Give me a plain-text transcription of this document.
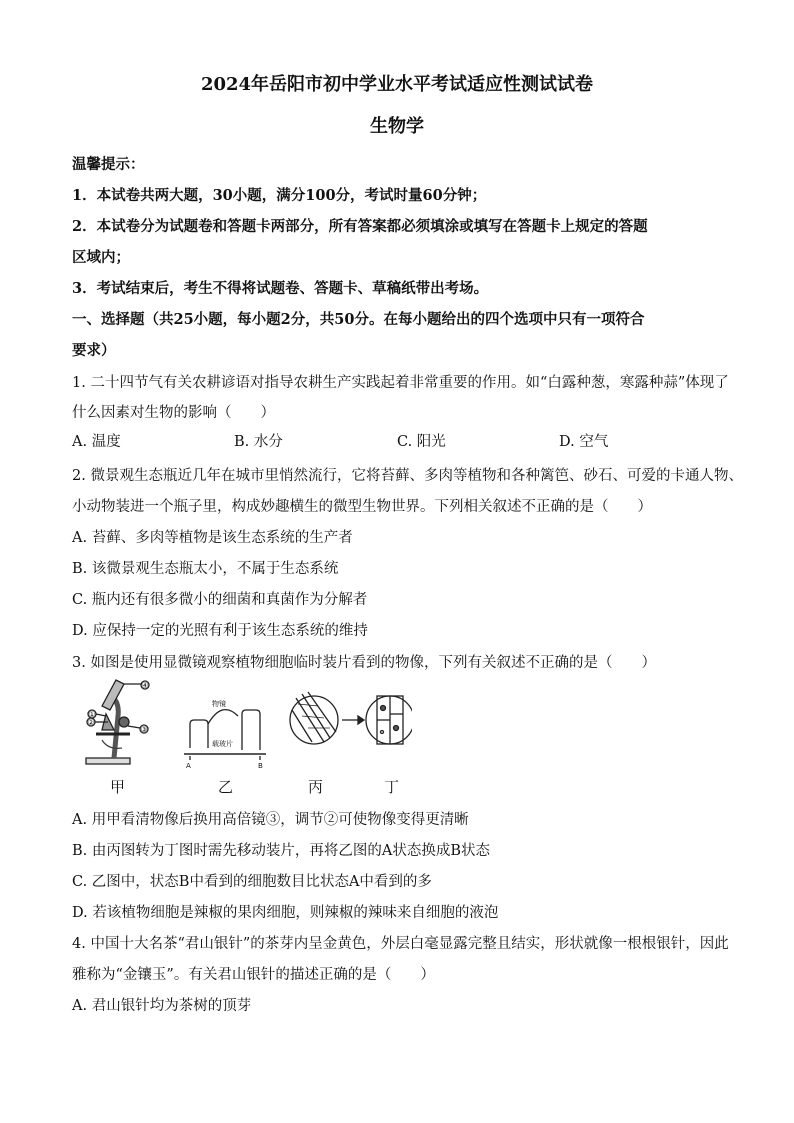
2024年岳阳市初中学业水平考试适应性测试试卷
生物学
温馨提示：
1．本试卷共两大题，30小题，满分100分，考试时量60分钟；
2．本试卷分为试题卷和答题卡两部分，所有答案都必须填涂或填写在答题卡上规定的答题
区域内；
3．考试结束后，考生不得将试题卷、答题卡、草稿纸带出考场。
一、选择题（共25小题，每小题2分，共50分。在每小题给出的四个选项中只有一项符合
要求）
1. 二十四节气有关农耕谚语对指导农耕生产实践起着非常重要的作用。如“白露种葱，寒露种蒜”体现了
什么因素对生物的影响（　　）
A. 温度	B. 水分	C. 阳光	D. 空气
2. 微景观生态瓶近几年在城市里悄然流行，它将苔藓、多肉等植物和各种篱笆、砂石、可爱的卡通人物、
小动物装进一个瓶子里，构成妙趣横生的微型生物世界。下列相关叙述不正确的是（　　）
A. 苔藓、多肉等植物是该生态系统的生产者
B. 该微景观生态瓶太小，不属于生态系统
C. 瓶内还有很多微小的细菌和真菌作为分解者
D. 应保持一定的光照有利于该生态系统的维持
3. 如图是使用显微镜观察植物细胞临时装片看到的物像，下列有关叙述不正确的是（　　）
④
①
②
③
物镜
载玻片
A	B
甲	乙	丙	丁
A. 用甲看清物像后换用高倍镜③，调节②可使物像变得更清晰
B. 由丙图转为丁图时需先移动装片，再将乙图的A状态换成B状态
C. 乙图中，状态B中看到的细胞数目比状态A中看到的多
D. 若该植物细胞是辣椒的果肉细胞，则辣椒的辣味来自细胞的液泡
4. 中国十大名茶“君山银针”的茶芽内呈金黄色，外层白毫显露完整且结实，形状就像一根根银针，因此
雅称为“金镶玉”。有关君山银针的描述正确的是（　　）
A. 君山银针均为茶树的顶芽
